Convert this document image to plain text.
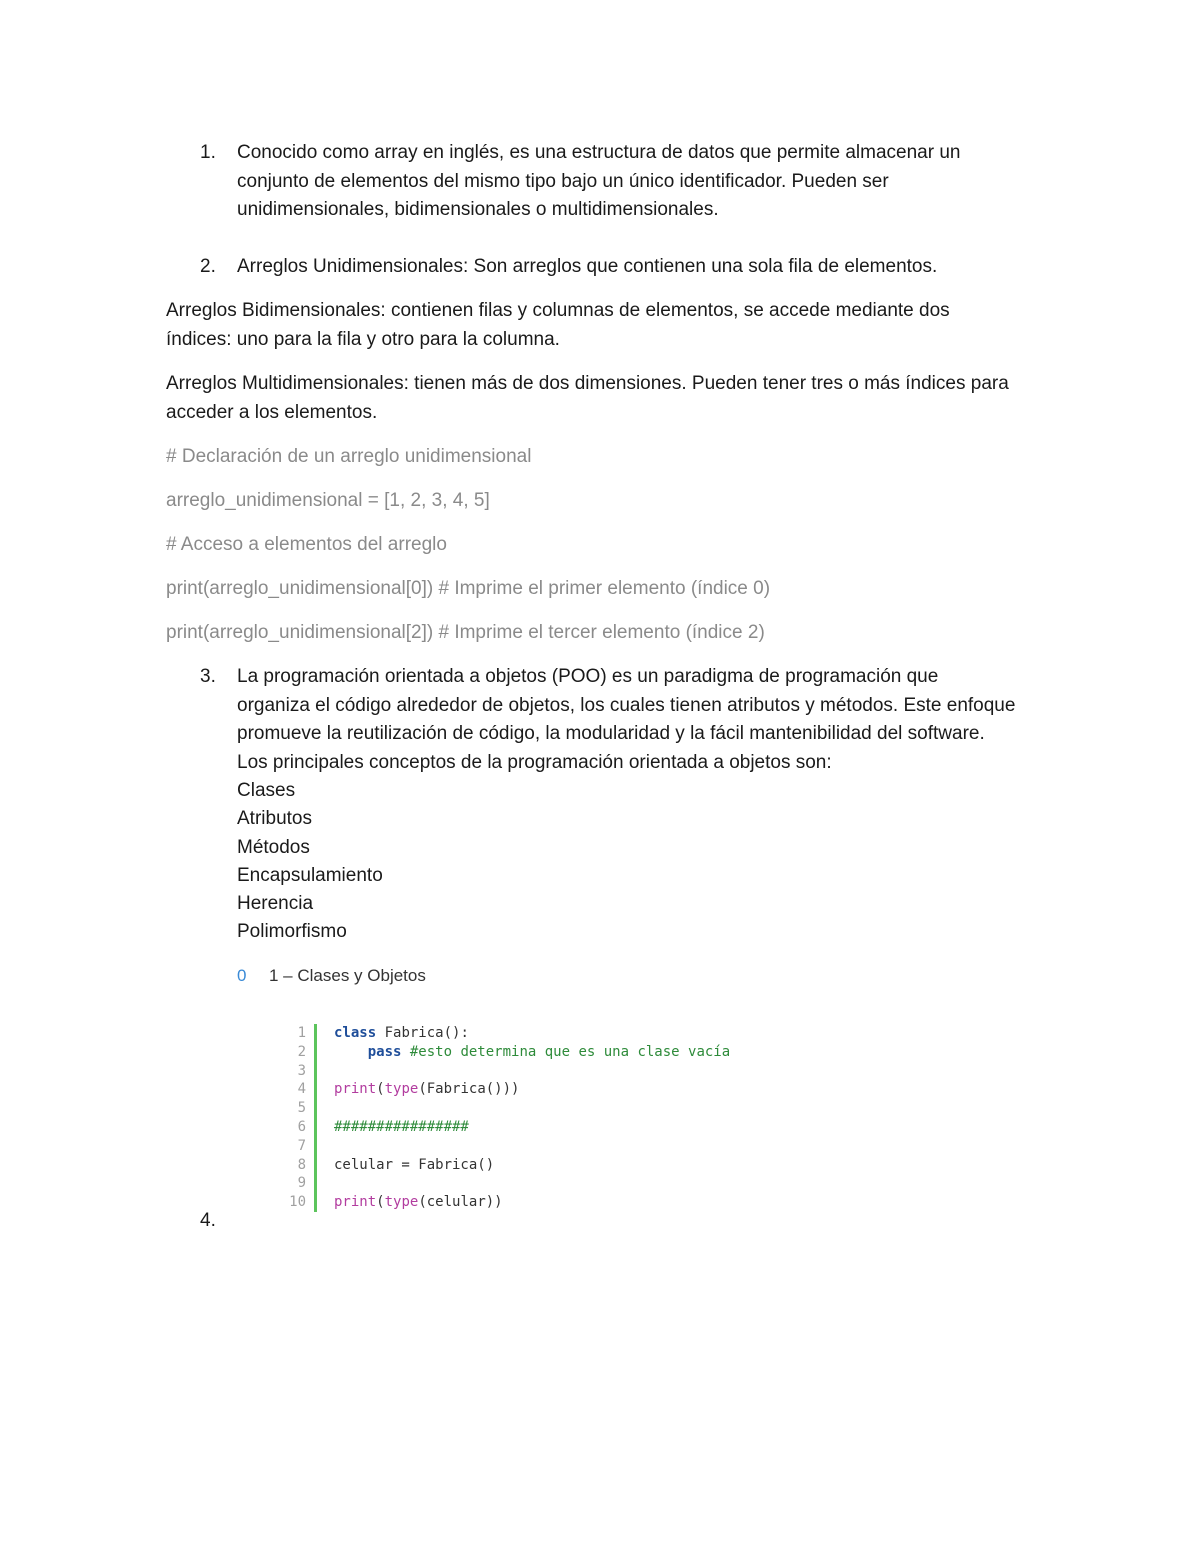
1. Conocido como array en inglés, es una estructura de datos que permite almacenar un conjunto de elementos del mismo tipo bajo un único identificador. Pueden ser unidimensionales, bidimensionales o multidimensionales.
2. Arreglos Unidimensionales: Son arreglos que contienen una sola fila de elementos.
Arreglos Bidimensionales: contienen filas y columnas de elementos, se accede mediante dos índices: uno para la fila y otro para la columna.
Arreglos Multidimensionales: tienen más de dos dimensiones. Pueden tener tres o más índices para acceder a los elementos.
# Declaración de un arreglo unidimensional
arreglo_unidimensional = [1, 2, 3, 4, 5]
# Acceso a elementos del arreglo
print(arreglo_unidimensional[0]) # Imprime el primer elemento (índice 0)
print(arreglo_unidimensional[2]) # Imprime el tercer elemento (índice 2)
3. La programación orientada a objetos (POO) es un paradigma de programación que organiza el código alrededor de objetos, los cuales tienen atributos y métodos. Este enfoque promueve la reutilización de código, la modularidad y la fácil mantenibilidad del software. Los principales conceptos de la programación orientada a objetos son:
Clases
Atributos
Métodos
Encapsulamiento
Herencia
Polimorfismo
0 1 – Clases y Objetos
1
2
3
4
5
6
7
8
9
10
class Fabrica():
pass #esto determina que es una clase vacía

print(type(Fabrica()))

################

celular = Fabrica()

print(type(celular))
4.
